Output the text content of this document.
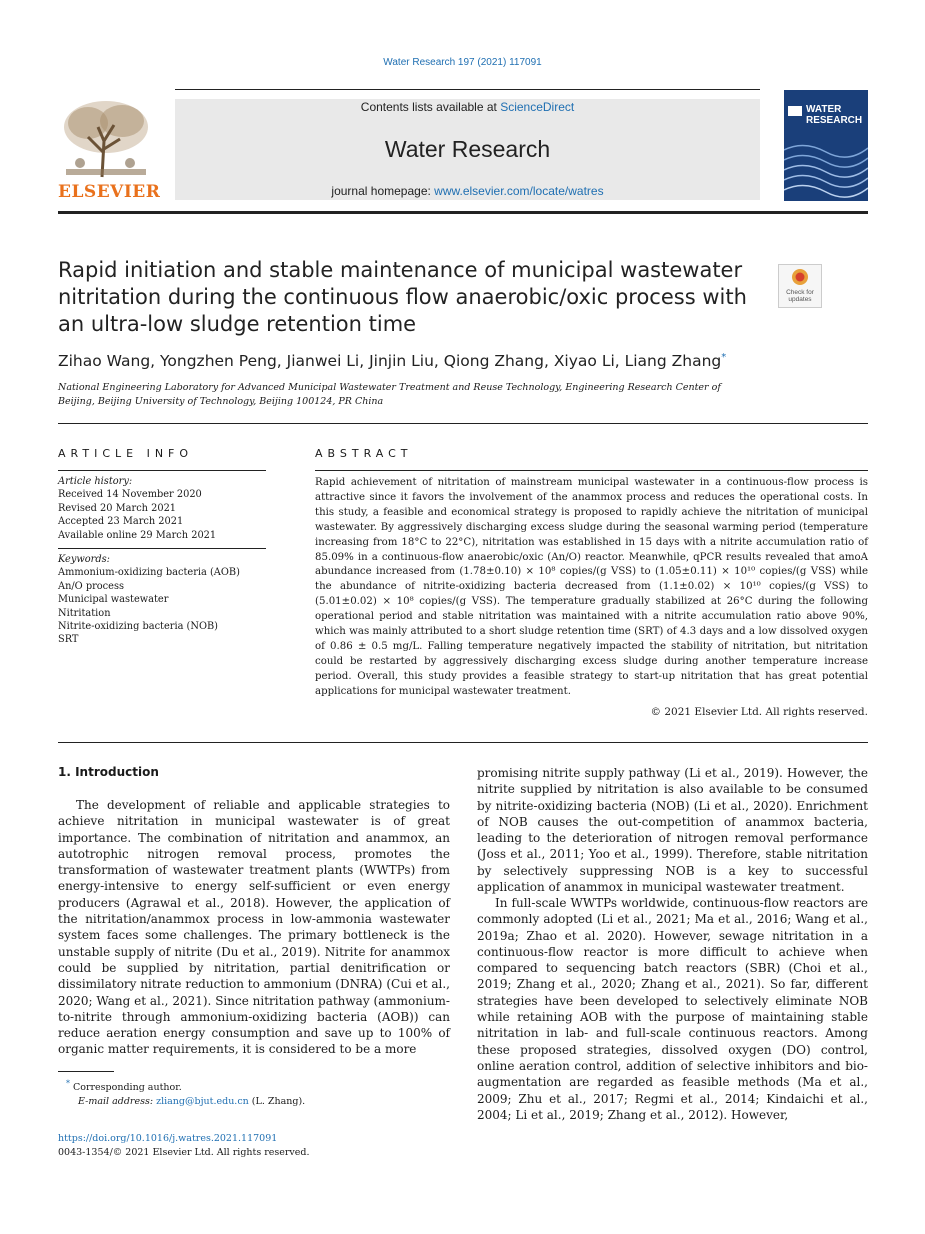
Water Research 197 (2021) 117091
ELSEVIER
Contents lists available at ScienceDirect
Water Research
journal homepage: www.elsevier.com/locate/watres
WATER
RESEARCH
Rapid initiation and stable maintenance of municipal wastewater nitritation during the continuous flow anaerobic/oxic process with an ultra-low sludge retention time
Check for
updates
Zihao Wang, Yongzhen Peng, Jianwei Li, Jinjin Liu, Qiong Zhang, Xiyao Li, Liang Zhang*
National Engineering Laboratory for Advanced Municipal Wastewater Treatment and Reuse Technology, Engineering Research Center of Beijing, Beijing University of Technology, Beijing 100124, PR China
ARTICLE INFO
Article history:
Received 14 November 2020
Revised 20 March 2021
Accepted 23 March 2021
Available online 29 March 2021
Keywords:
Ammonium-oxidizing bacteria (AOB)
An/O process
Municipal wastewater
Nitritation
Nitrite-oxidizing bacteria (NOB)
SRT
ABSTRACT
Rapid achievement of nitritation of mainstream municipal wastewater in a continuous-flow process is attractive since it favors the involvement of the anammox process and reduces the operational costs. In this study, a feasible and economical strategy is proposed to rapidly achieve the nitritation of municipal wastewater. By aggressively discharging excess sludge during the seasonal warming period (temperature increasing from 18°C to 22°C), nitritation was established in 15 days with a nitrite accumulation ratio of 85.09% in a continuous-flow anaerobic/oxic (An/O) reactor. Meanwhile, qPCR results revealed that amoA abundance increased from (1.78±0.10) × 10⁸ copies/(g VSS) to (1.05±0.11) × 10¹⁰ copies/(g VSS) while the abundance of nitrite-oxidizing bacteria decreased from (1.1±0.02) × 10¹⁰ copies/(g VSS) to (5.01±0.02) × 10⁸ copies/(g VSS). The temperature gradually stabilized at 26°C during the following operational period and stable nitritation was maintained with a nitrite accumulation ratio above 90%, which was mainly attributed to a short sludge retention time (SRT) of 4.3 days and a low dissolved oxygen of 0.86 ± 0.5 mg/L. Falling temperature negatively impacted the stability of nitritation, but nitritation could be restarted by aggressively discharging excess sludge during another temperature increase period. Overall, this study provides a feasible strategy to start-up nitritation that has great potential applications for municipal wastewater treatment.
© 2021 Elsevier Ltd. All rights reserved.
1. Introduction
The development of reliable and applicable strategies to achieve nitritation in municipal wastewater is of great importance. The combination of nitritation and anammox, an autotrophic nitrogen removal process, promotes the transformation of wastewater treatment plants (WWTPs) from energy-intensive to energy self-sufficient or even energy producers (Agrawal et al., 2018). However, the application of the nitritation/anammox process in low-ammonia wastewater system faces some challenges. The primary bottleneck is the unstable supply of nitrite (Du et al., 2019). Nitrite for anammox could be supplied by nitritation, partial denitrification or dissimilatory nitrate reduction to ammonium (DNRA) (Cui et al., 2020; Wang et al., 2021). Since nitritation pathway (ammonium-to-nitrite through ammonium-oxidizing bacteria (AOB)) can reduce aeration energy consumption and save up to 100% of organic matter requirements, it is considered to be a more
promising nitrite supply pathway (Li et al., 2019). However, the nitrite supplied by nitritation is also available to be consumed by nitrite-oxidizing bacteria (NOB) (Li et al., 2020). Enrichment of NOB causes the out-competition of anammox bacteria, leading to the deterioration of nitrogen removal performance (Joss et al., 2011; Yoo et al., 1999). Therefore, stable nitritation by selectively suppressing NOB is a key to successful application of anammox in municipal wastewater treatment.
In full-scale WWTPs worldwide, continuous-flow reactors are commonly adopted (Li et al., 2021; Ma et al., 2016; Wang et al., 2019a; Zhao et al. 2020). However, sewage nitritation in a continuous-flow reactor is more difficult to achieve when compared to sequencing batch reactors (SBR) (Choi et al., 2019; Zhang et al., 2020; Zhang et al., 2021). So far, different strategies have been developed to selectively eliminate NOB while retaining AOB with the purpose of maintaining stable nitritation in lab- and full-scale continuous reactors. Among these proposed strategies, dissolved oxygen (DO) control, online aeration control, addition of selective inhibitors and bio-augmentation are regarded as feasible methods (Ma et al., 2009; Zhu et al., 2017; Regmi et al., 2014; Kindaichi et al., 2004; Li et al., 2019; Zhang et al., 2012). However,
* Corresponding author.
E-mail address: zliang@bjut.edu.cn (L. Zhang).
https://doi.org/10.1016/j.watres.2021.117091
0043-1354/© 2021 Elsevier Ltd. All rights reserved.
